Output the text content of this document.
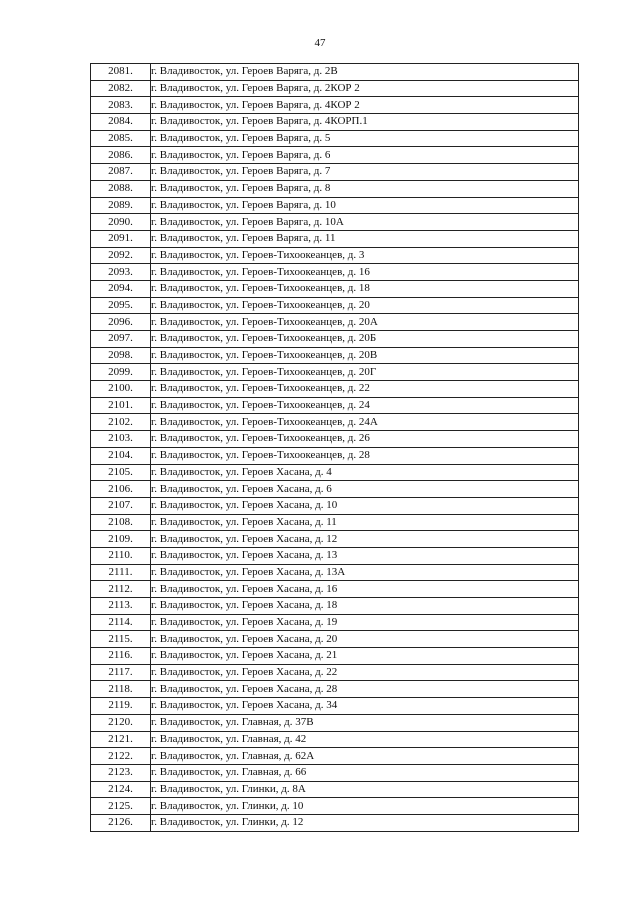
47
2081.	г. Владивосток, ул. Героев Варяга, д. 2В
2082.	г. Владивосток, ул. Героев Варяга, д. 2КОР 2
2083.	г. Владивосток, ул. Героев Варяга, д. 4КОР 2
2084.	г. Владивосток, ул. Героев Варяга, д. 4КОРП.1
2085.	г. Владивосток, ул. Героев Варяга, д. 5
2086.	г. Владивосток, ул. Героев Варяга, д. 6
2087.	г. Владивосток, ул. Героев Варяга, д. 7
2088.	г. Владивосток, ул. Героев Варяга, д. 8
2089.	г. Владивосток, ул. Героев Варяга, д. 10
2090.	г. Владивосток, ул. Героев Варяга, д. 10А
2091.	г. Владивосток, ул. Героев Варяга, д. 11
2092.	г. Владивосток, ул. Героев-Тихоокеанцев, д. 3
2093.	г. Владивосток, ул. Героев-Тихоокеанцев, д. 16
2094.	г. Владивосток, ул. Героев-Тихоокеанцев, д. 18
2095.	г. Владивосток, ул. Героев-Тихоокеанцев, д. 20
2096.	г. Владивосток, ул. Героев-Тихоокеанцев, д. 20А
2097.	г. Владивосток, ул. Героев-Тихоокеанцев, д. 20Б
2098.	г. Владивосток, ул. Героев-Тихоокеанцев, д. 20В
2099.	г. Владивосток, ул. Героев-Тихоокеанцев, д. 20Г
2100.	г. Владивосток, ул. Героев-Тихоокеанцев, д. 22
2101.	г. Владивосток, ул. Героев-Тихоокеанцев, д. 24
2102.	г. Владивосток, ул. Героев-Тихоокеанцев, д. 24А
2103.	г. Владивосток, ул. Героев-Тихоокеанцев, д. 26
2104.	г. Владивосток, ул. Героев-Тихоокеанцев, д. 28
2105.	г. Владивосток, ул. Героев Хасана, д. 4
2106.	г. Владивосток, ул. Героев Хасана, д. 6
2107.	г. Владивосток, ул. Героев Хасана, д. 10
2108.	г. Владивосток, ул. Героев Хасана, д. 11
2109.	г. Владивосток, ул. Героев Хасана, д. 12
2110.	г. Владивосток, ул. Героев Хасана, д. 13
2111.	г. Владивосток, ул. Героев Хасана, д. 13А
2112.	г. Владивосток, ул. Героев Хасана, д. 16
2113.	г. Владивосток, ул. Героев Хасана, д. 18
2114.	г. Владивосток, ул. Героев Хасана, д. 19
2115.	г. Владивосток, ул. Героев Хасана, д. 20
2116.	г. Владивосток, ул. Героев Хасана, д. 21
2117.	г. Владивосток, ул. Героев Хасана, д. 22
2118.	г. Владивосток, ул. Героев Хасана, д. 28
2119.	г. Владивосток, ул. Героев Хасана, д. 34
2120.	г. Владивосток, ул. Главная, д. 37В
2121.	г. Владивосток, ул. Главная, д. 42
2122.	г. Владивосток, ул. Главная, д. 62А
2123.	г. Владивосток, ул. Главная, д. 66
2124.	г. Владивосток, ул. Глинки, д. 8А
2125.	г. Владивосток, ул. Глинки, д. 10
2126.	г. Владивосток, ул. Глинки, д. 12
